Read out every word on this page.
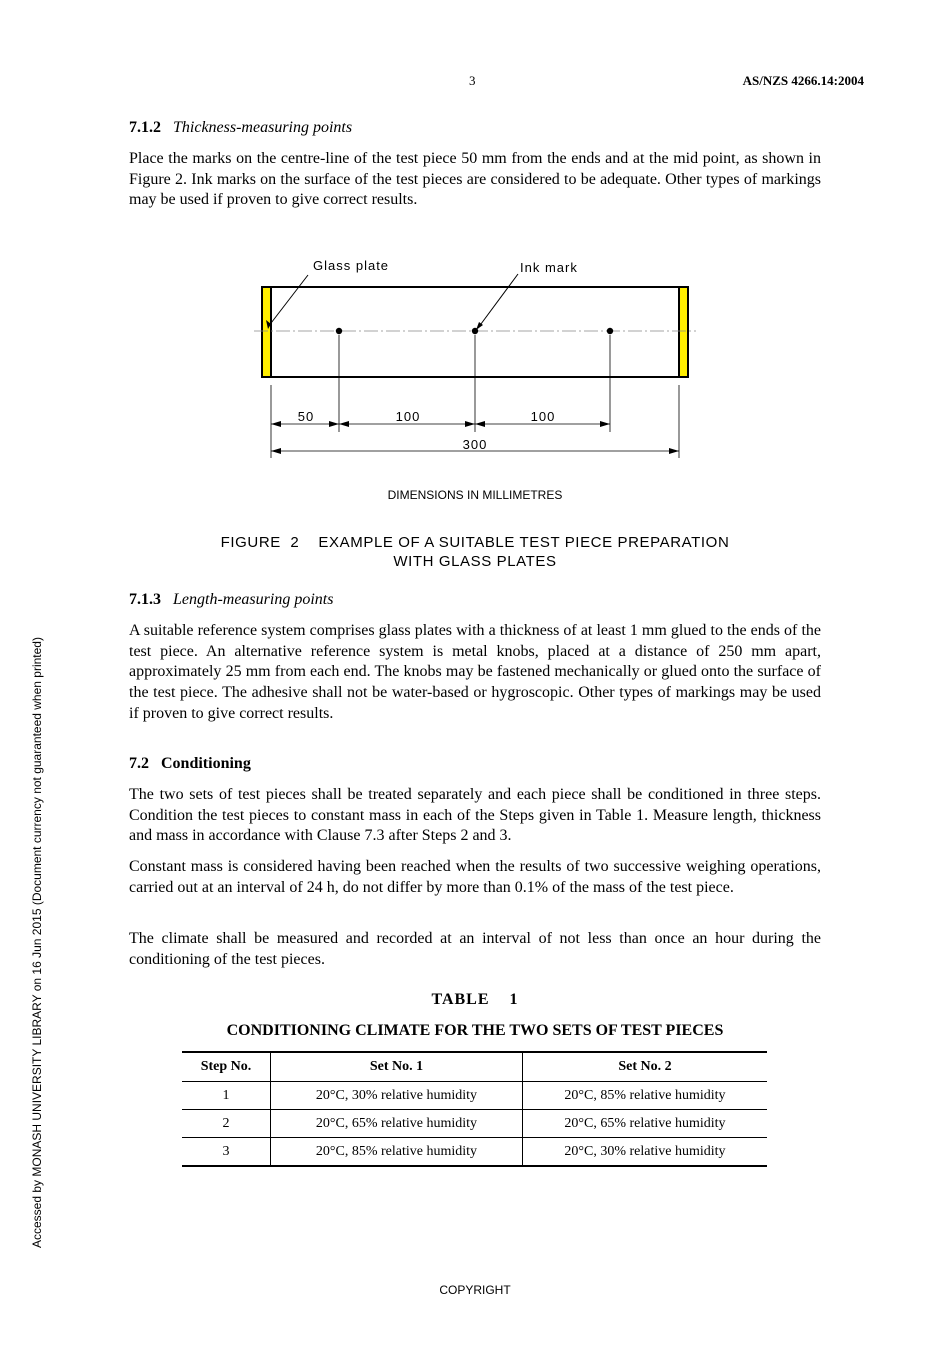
3	AS/NZS 4266.14:2004
7.1.2 Thickness-measuring points
Place the marks on the centre-line of the test piece 50 mm from the ends and at the mid point, as shown in Figure 2. Ink marks on the surface of the test pieces are considered to be adequate. Other types of markings may be used if proven to give correct results.
Glass plate	Ink mark
50	100	100
300
DIMENSIONS IN MILLIMETRES
FIGURE  2    EXAMPLE OF A SUITABLE TEST PIECE PREPARATION
WITH GLASS PLATES
7.1.3 Length-measuring points
A suitable reference system comprises glass plates with a thickness of at least 1 mm glued to the ends of the test piece. An alternative reference system is metal knobs, placed at a distance of 250 mm apart, approximately 25 mm from each end. The knobs may be fastened mechanically or glued onto the surface of the test piece. The adhesive shall not be water-based or hygroscopic. Other types of markings may be used if proven to give correct results.
7.2 Conditioning
The two sets of test pieces shall be treated separately and each piece shall be conditioned in three steps. Condition the test pieces to constant mass in each of the Steps given in Table 1. Measure length, thickness and mass in accordance with Clause 7.3 after Steps 2 and 3.
Constant mass is considered having been reached when the results of two successive weighing operations, carried out at an interval of 24 h, do not differ by more than 0.1% of the mass of the test piece.
The climate shall be measured and recorded at an interval of not less than once an hour during the conditioning of the test pieces.
TABLE    1
CONDITIONING CLIMATE FOR THE TWO SETS OF TEST PIECES
Step No.	Set No. 1	Set No. 2
1	20°C, 30% relative humidity	20°C, 85% relative humidity
2	20°C, 65% relative humidity	20°C, 65% relative humidity
3	20°C, 85% relative humidity	20°C, 30% relative humidity
Accessed by MONASH UNIVERSITY LIBRARY on 16 Jun 2015 (Document currency not guaranteed when printed)
COPYRIGHT
